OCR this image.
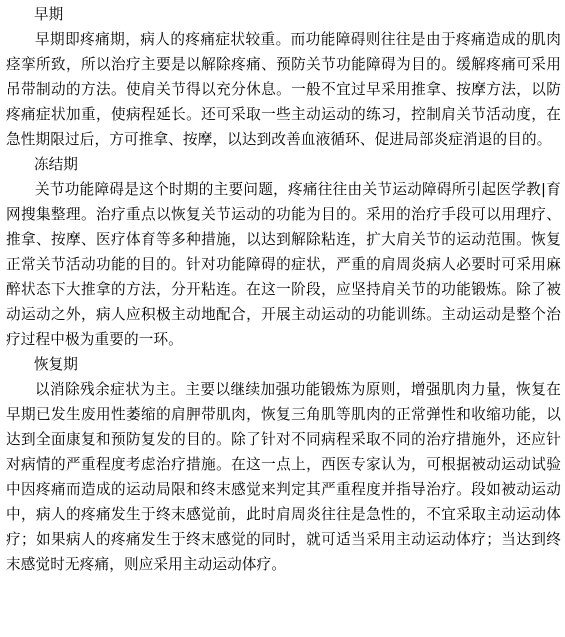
早期

早期即疼痛期，病人的疼痛症状较重。而功能障碍则往往是由于疼痛造成的肌肉痉挛所致，所以治疗主要是以解除疼痛、预防关节功能障碍为目的。缓解疼痛可采用吊带制动的方法。使肩关节得以充分休息。一般不宜过早采用推拿、按摩方法，以防疼痛症状加重，使病程延长。还可采取一些主动运动的练习，控制肩关节活动度，在急性期限过后，方可推拿、按摩，以达到改善血液循环、促进局部炎症消退的目的。

冻结期

关节功能障碍是这个时期的主要问题，疼痛往往由关节运动障碍所引起医学教|育网搜集整理。治疗重点以恢复关节运动的功能为目的。采用的治疗手段可以用理疗、推拿、按摩、医疗体育等多种措施，以达到解除粘连，扩大肩关节的运动范围。恢复正常关节活动功能的目的。针对功能障碍的症状，严重的肩周炎病人必要时可采用麻醉状态下大推拿的方法，分开粘连。在这一阶段，应坚持肩关节的功能锻炼。除了被动运动之外，病人应积极主动地配合，开展主动运动的功能训练。主动运动是整个治疗过程中极为重要的一环。

恢复期

以消除残余症状为主。主要以继续加强功能锻炼为原则，增强肌肉力量，恢复在早期已发生废用性萎缩的肩胛带肌肉，恢复三角肌等肌肉的正常弹性和收缩功能，以达到全面康复和预防复发的目的。除了针对不同病程采取不同的治疗措施外，还应针对病情的严重程度考虑治疗措施。在这一点上，西医专家认为，可根据被动运动试验中因疼痛而造成的运动局限和终末感觉来判定其严重程度并指导治疗。段如被动运动中，病人的疼痛发生于终末感觉前，此时肩周炎往往是急性的，不宜采取主动运动体疗；如果病人的疼痛发生于终末感觉的同时，就可适当采用主动运动体疗；当达到终末感觉时无疼痛，则应采用主动运动体疗。
